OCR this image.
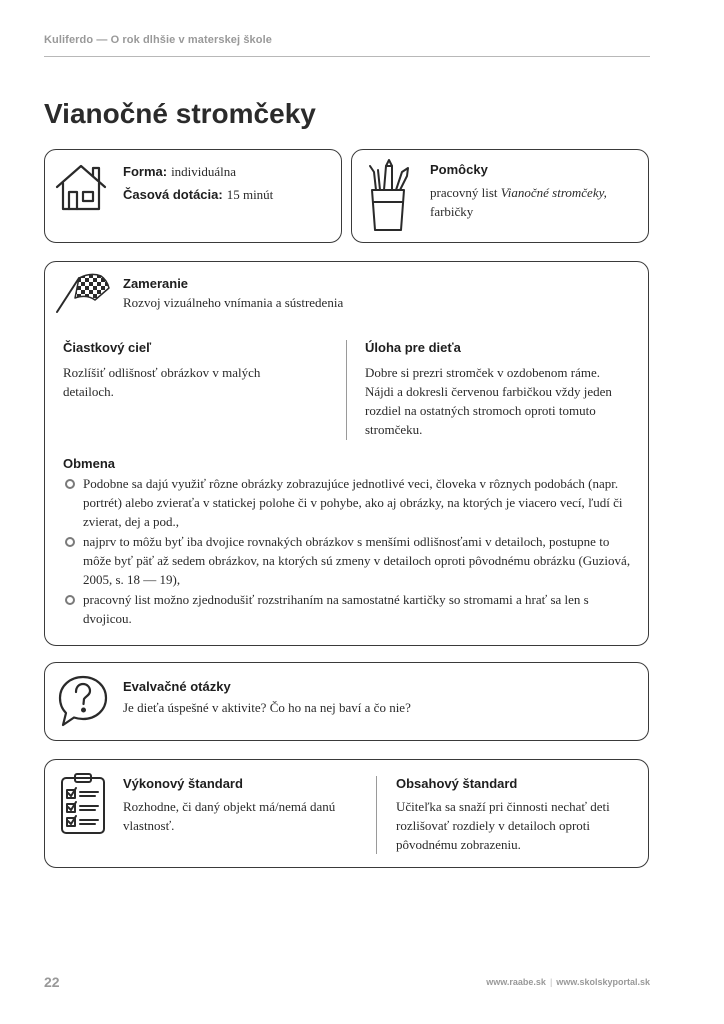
Kuliferdo — O rok dlhšie v materskej škole
Vianočné stromčeky
Forma: individuálna
Časová dotácia: 15 minút
Pomôcky
pracovný list Vianočné stromčeky,
farbičky
Zameranie
Rozvoj vizuálneho vnímania a sústredenia
Čiastkový cieľ
Rozlíšiť odlišnosť obrázkov v malých detailoch.
Úloha pre dieťa
Dobre si prezri stromček v ozdobenom ráme. Nájdi a dokresli červenou farbičkou vždy jeden rozdiel na ostatných stromoch oproti tomuto stromčeku.
Obmena
Podobne sa dajú využiť rôzne obrázky zobrazujúce jednotlivé veci, človeka v rôznych podobách (napr. portrét) alebo zvieraťa v statickej polohe či v pohybe, ako aj obrázky, na ktorých je viacero vecí, ľudí či zvierat, dej a pod.,
najprv to môžu byť iba dvojice rovnakých obrázkov s menšími odlišnosťami v detailoch, postupne to môže byť päť až sedem obrázkov, na ktorých sú zmeny v detailoch oproti pôvodnému obrázku (Guziová, 2005, s. 18 — 19),
pracovný list možno zjednodušiť rozstrihaním na samostatné kartičky so stromami a hrať sa len s dvojicou.
Evalvačné otázky
Je dieťa úspešné v aktivite? Čo ho na nej baví a čo nie?
Výkonový štandard
Rozhodne, či daný objekt má/nemá danú vlastnosť.
Obsahový štandard
Učiteľka sa snaží pri činnosti nechať deti rozlišovať rozdiely v detailoch oproti pôvodnému zobrazeniu.
22	www.raabe.sk | www.skolskyportal.sk
